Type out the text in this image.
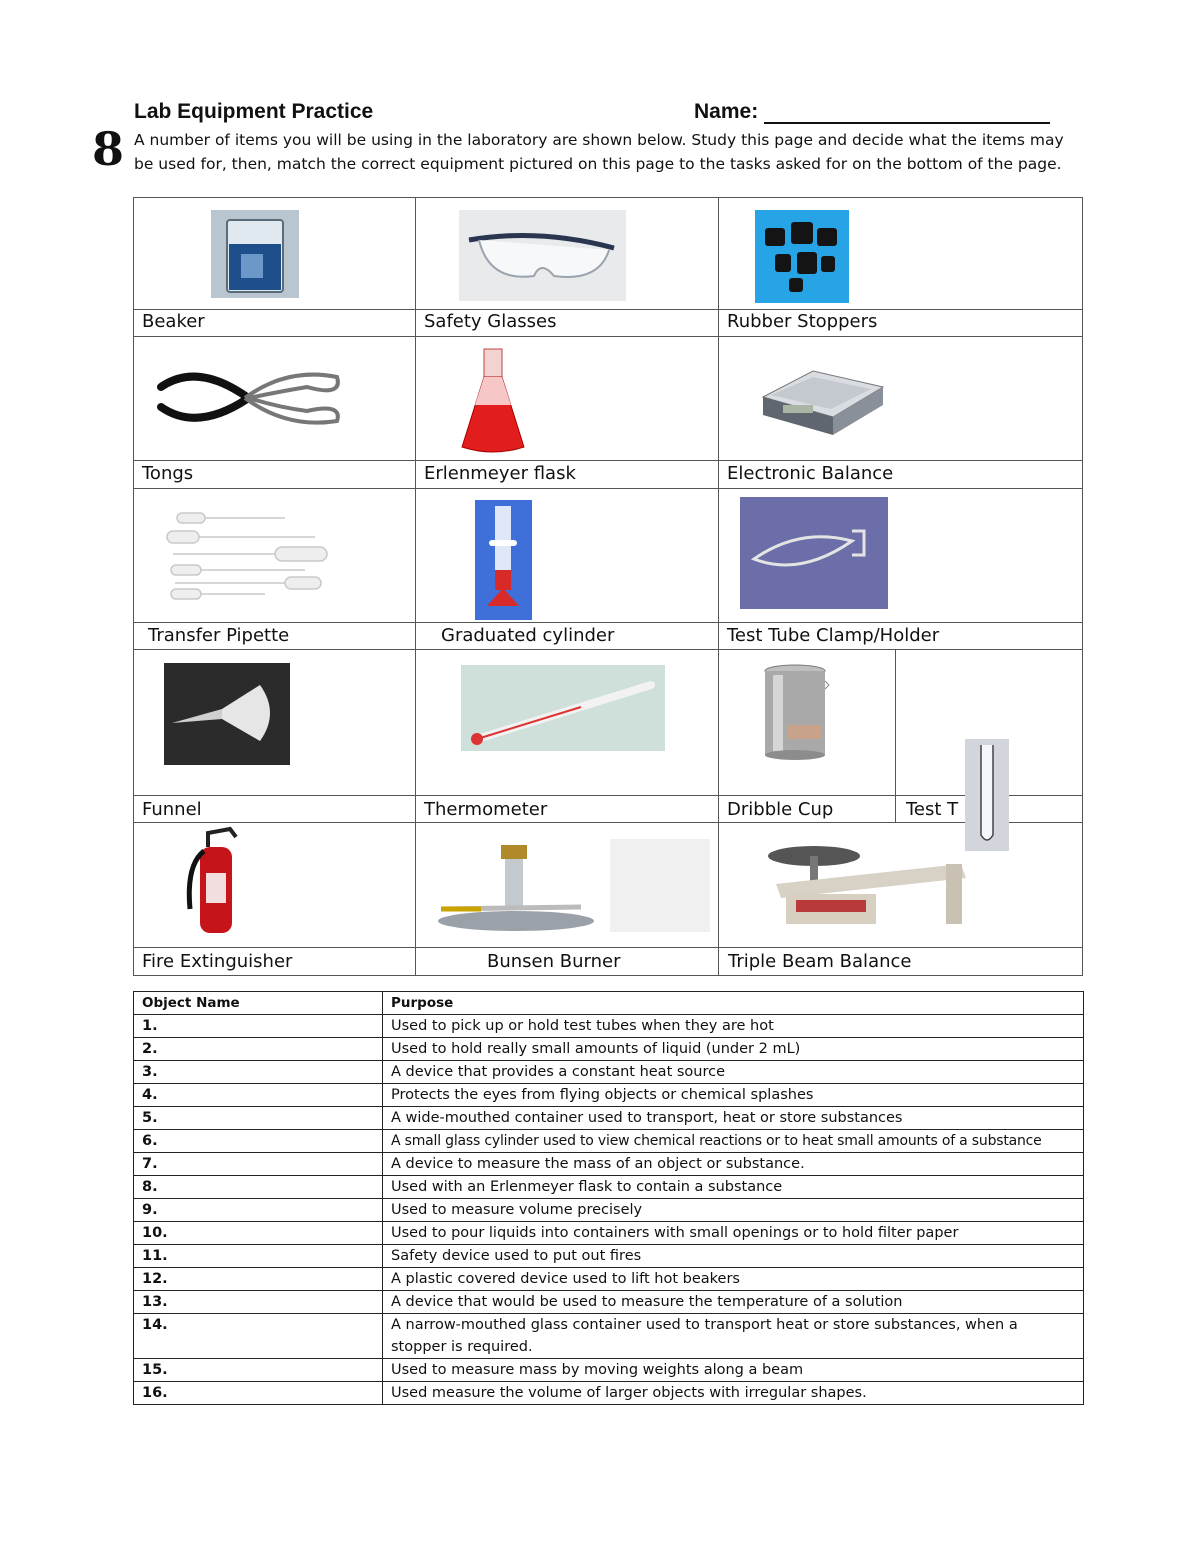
Lab Equipment Practice	Name:
8 A number of items you will be using in the laboratory are shown below. Study this page and decide what the items may be used for, then, match the correct equipment pictured on this page to the tasks asked for on the bottom of the page.
Beaker	Safety Glasses	Rubber Stoppers
Tongs	Erlenmeyer flask	Electronic Balance
Transfer Pipette	Graduated cylinder	Test Tube Clamp/Holder
Funnel	Thermometer	Dribble Cup	Test T
Fire Extinguisher	Bunsen Burner	Triple Beam Balance
Object Name	Purpose
1.	Used to pick up or hold test tubes when they are hot
2.	Used to hold really small amounts of liquid (under 2 mL)
3.	A device that provides a constant heat source
4.	Protects the eyes from flying objects or chemical splashes
5.	A wide-mouthed container used to transport, heat or store substances
6.	A small glass cylinder used to view chemical reactions or to heat small amounts of a substance
7.	A device to measure the mass of an object or substance.
8.	Used with an Erlenmeyer flask to contain a substance
9.	Used to measure volume precisely
10.	Used to pour liquids into containers with small openings or to hold filter paper
11.	Safety device used to put out fires
12.	A plastic covered device used to lift hot beakers
13.	A device that would be used to measure the temperature of a solution
14.	A narrow-mouthed glass container used to transport heat or store substances, when a stopper is required.
15.	Used to measure mass by moving weights along a beam
16.	Used measure the volume of larger objects with irregular shapes.
